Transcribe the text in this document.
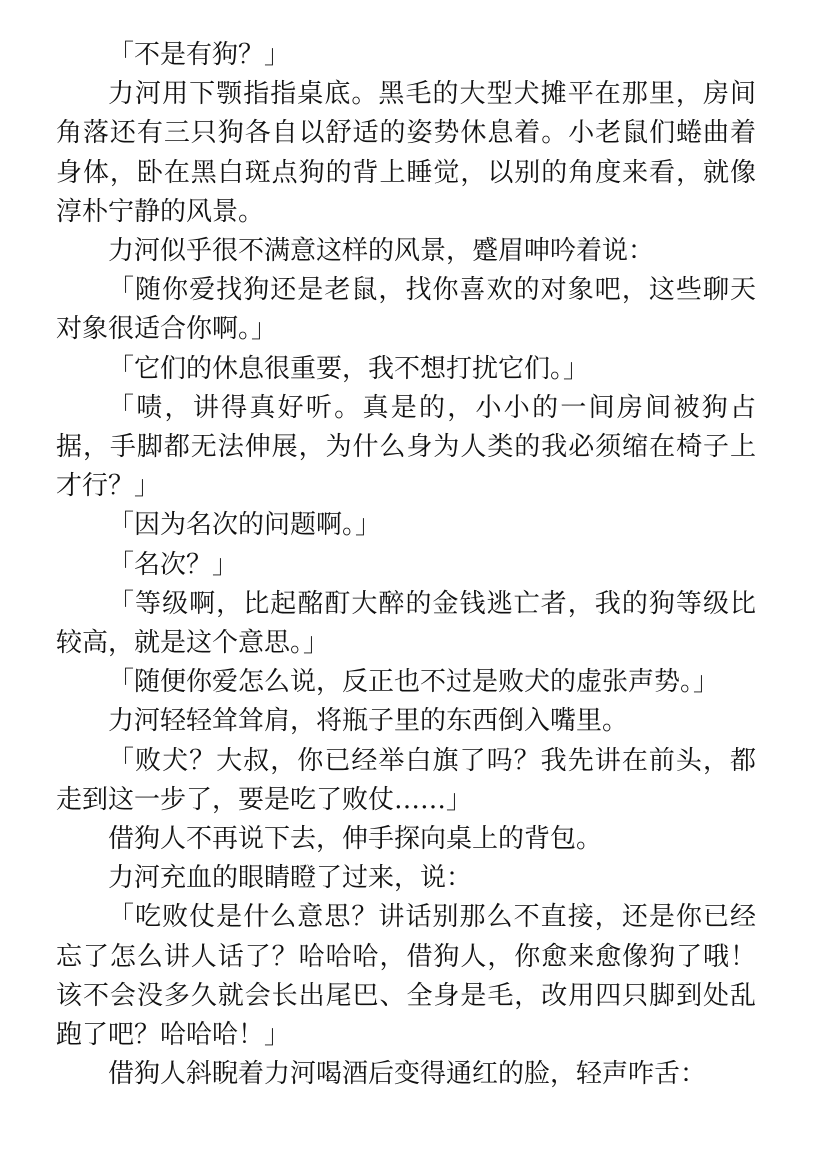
「不是有狗？」

力河用下颚指指桌底。黑毛的大型犬摊平在那里，房间角落还有三只狗各自以舒适的姿势休息着。小老鼠们蜷曲着身体，卧在黑白斑点狗的背上睡觉，以别的角度来看，就像淳朴宁静的风景。

力河似乎很不满意这样的风景，蹙眉呻吟着说：

「随你爱找狗还是老鼠，找你喜欢的对象吧，这些聊天对象很适合你啊。」

「它们的休息很重要，我不想打扰它们。」

「啧，讲得真好听。真是的，小小的一间房间被狗占据，手脚都无法伸展，为什么身为人类的我必须缩在椅子上才行？」

「因为名次的问题啊。」

「名次？」

「等级啊，比起酩酊大醉的金钱逃亡者，我的狗等级比较高，就是这个意思。」

「随便你爱怎么说，反正也不过是败犬的虚张声势。」

力河轻轻耸耸肩，将瓶子里的东西倒入嘴里。

「败犬？大叔，你已经举白旗了吗？我先讲在前头，都走到这一步了，要是吃了败仗……」

借狗人不再说下去，伸手探向桌上的背包。

力河充血的眼睛瞪了过来，说：

「吃败仗是什么意思？讲话别那么不直接，还是你已经忘了怎么讲人话了？哈哈哈，借狗人，你愈来愈像狗了哦！该不会没多久就会长出尾巴、全身是毛，改用四只脚到处乱跑了吧？哈哈哈！」

借狗人斜睨着力河喝酒后变得通红的脸，轻声咋舌：
